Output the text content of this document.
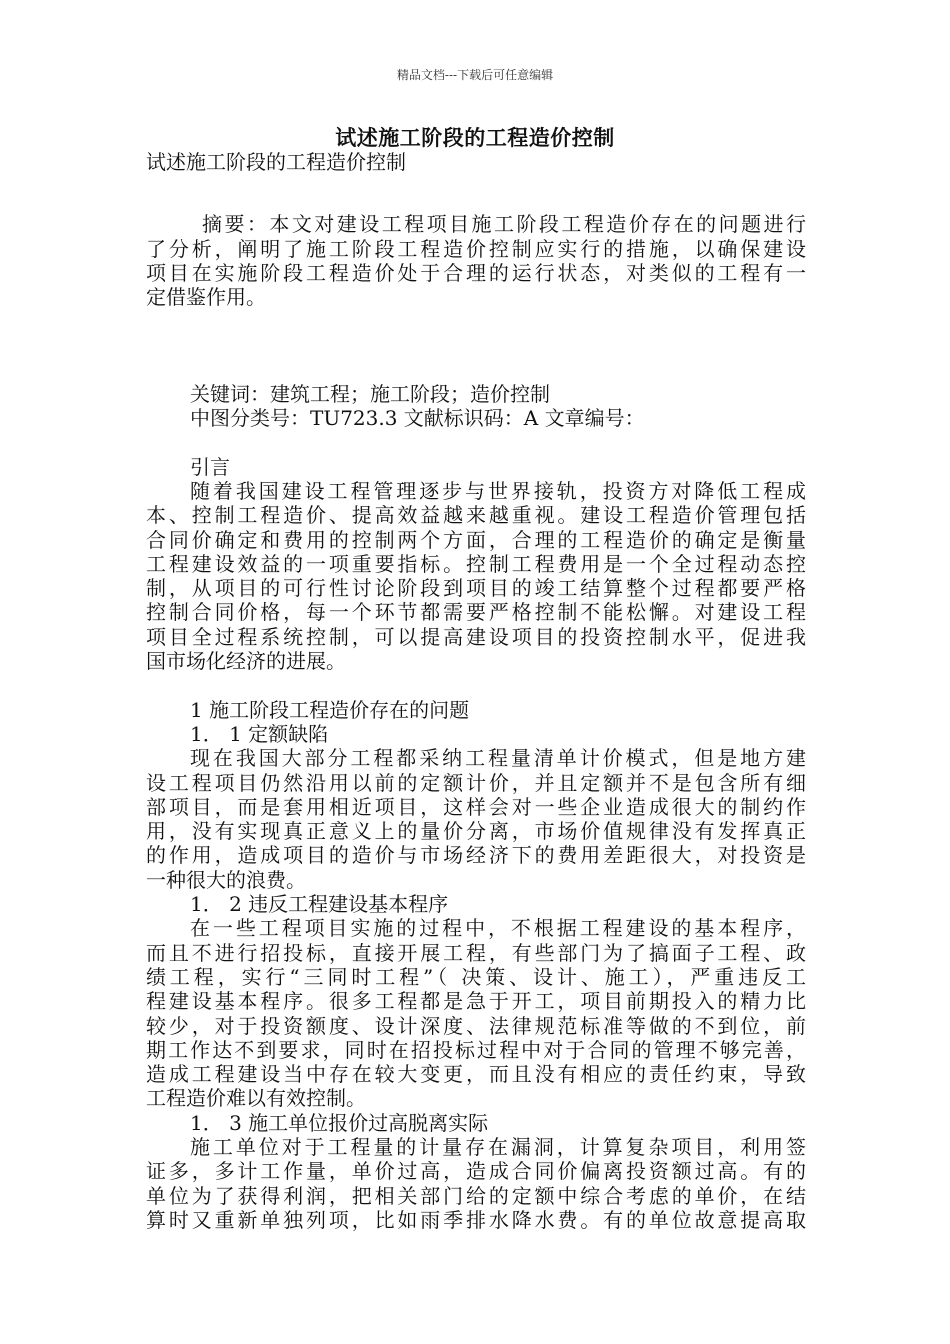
精品文档---下载后可任意编辑
试述施工阶段的工程造价控制
试述施工阶段的工程造价控制
摘要：本文对建设工程项目施工阶段工程造价存在的问题进行
了分析，阐明了施工阶段工程造价控制应实行的措施，以确保建设
项目在实施阶段工程造价处于合理的运行状态，对类似的工程有一
定借鉴作用。
关键词：建筑工程；施工阶段；造价控制
中图分类号：TU723.3 文献标识码：A 文章编号：
引言
随着我国建设工程管理逐步与世界接轨，投资方对降低工程成
本、控制工程造价、提高效益越来越重视。建设工程造价管理包括
合同价确定和费用的控制两个方面，合理的工程造价的确定是衡量
工程建设效益的一项重要指标。控制工程费用是一个全过程动态控
制，从项目的可行性讨论阶段到项目的竣工结算整个过程都要严格
控制合同价格，每一个环节都需要严格控制不能松懈。对建设工程
项目全过程系统控制，可以提高建设项目的投资控制水平，促进我
国市场化经济的进展。
1 施工阶段工程造价存在的问题
1． 1 定额缺陷
现在我国大部分工程都采纳工程量清单计价模式，但是地方建
设工程项目仍然沿用以前的定额计价，并且定额并不是包含所有细
部项目，而是套用相近项目，这样会对一些企业造成很大的制约作
用，没有实现真正意义上的量价分离，市场价值规律没有发挥真正
的作用，造成项目的造价与市场经济下的费用差距很大，对投资是
一种很大的浪费。
1． 2 违反工程建设基本程序
在一些工程项目实施的过程中，不根据工程建设的基本程序，
而且不进行招投标，直接开展工程，有些部门为了搞面子工程、政
绩工程，实行“三同时工程”（ 决策、设计、施工），严重违反工
程建设基本程序。很多工程都是急于开工，项目前期投入的精力比
较少，对于投资额度、设计深度、法律规范标准等做的不到位，前
期工作达不到要求，同时在招投标过程中对于合同的管理不够完善，
造成工程建设当中存在较大变更，而且没有相应的责任约束，导致
工程造价难以有效控制。
1． 3 施工单位报价过高脱离实际
施工单位对于工程量的计量存在漏洞，计算复杂项目，利用签
证多，多计工作量，单价过高，造成合同价偏离投资额过高。有的
单位为了获得利润，把相关部门给的定额中综合考虑的单价，在结
算时又重新单独列项，比如雨季排水降水费。有的单位故意提高取
